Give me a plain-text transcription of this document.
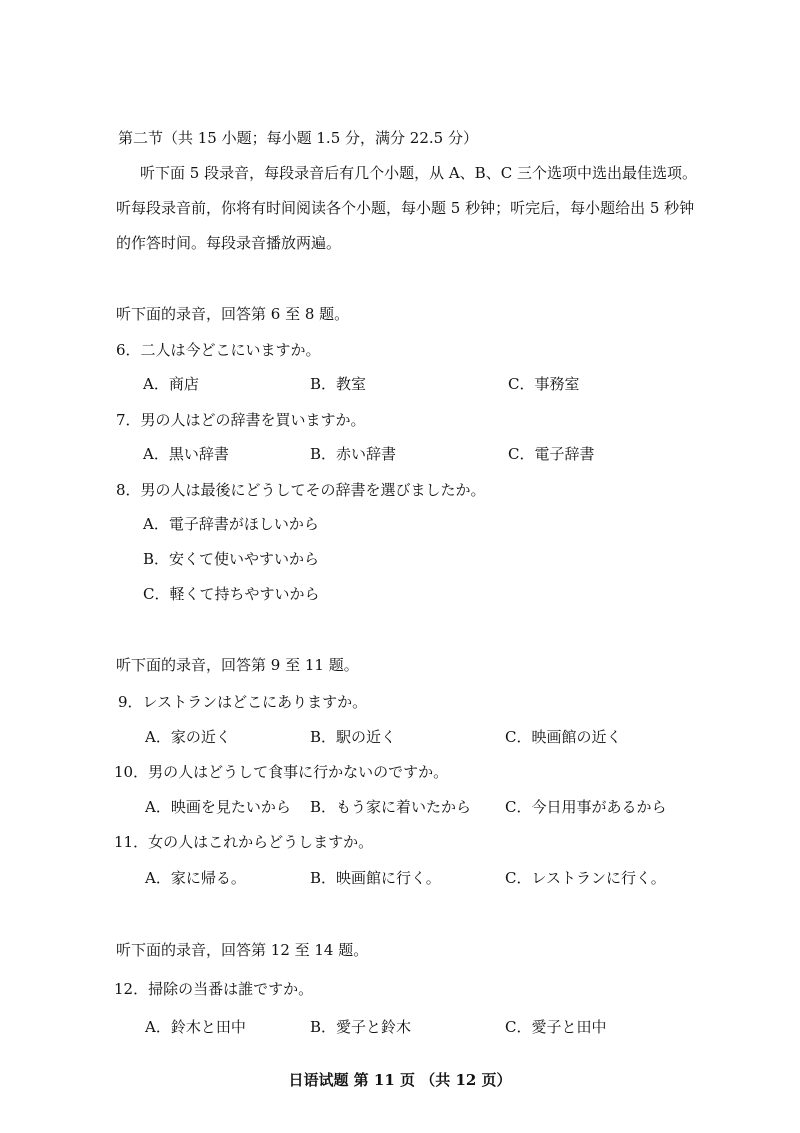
第二节（共 15 小题；每小题 1.5 分，满分 22.5 分）
听下面 5 段录音，每段录音后有几个小题，从 A、B、C 三个选项中选出最佳选项。
听每段录音前，你将有时间阅读各个小题，每小题 5 秒钟；听完后，每小题给出 5 秒钟
的作答时间。每段录音播放两遍。
听下面的录音，回答第 6 至 8 题。
6．二人は今どこにいますか。
A．商店	B．教室	C．事務室
7．男の人はどの辞書を買いますか。
A．黒い辞書	B．赤い辞書	C．電子辞書
8．男の人は最後にどうしてその辞書を選びましたか。
A．電子辞書がほしいから
B．安くて使いやすいから
C．軽くて持ちやすいから
听下面的录音，回答第 9 至 11 题。
9．レストランはどこにありますか。
A．家の近く	B．駅の近く	C．映画館の近く
10．男の人はどうして食事に行かないのですか。
A．映画を見たいから B．もう家に着いたから C．今日用事があるから
11．女の人はこれからどうしますか。
A．家に帰る。	B．映画館に行く。	C．レストランに行く。
听下面的录音，回答第 12 至 14 题。
12．掃除の当番は誰ですか。
A．鈴木と田中	B．愛子と鈴木	C．愛子と田中
日语试题 第 11 页 （共 12 页）
